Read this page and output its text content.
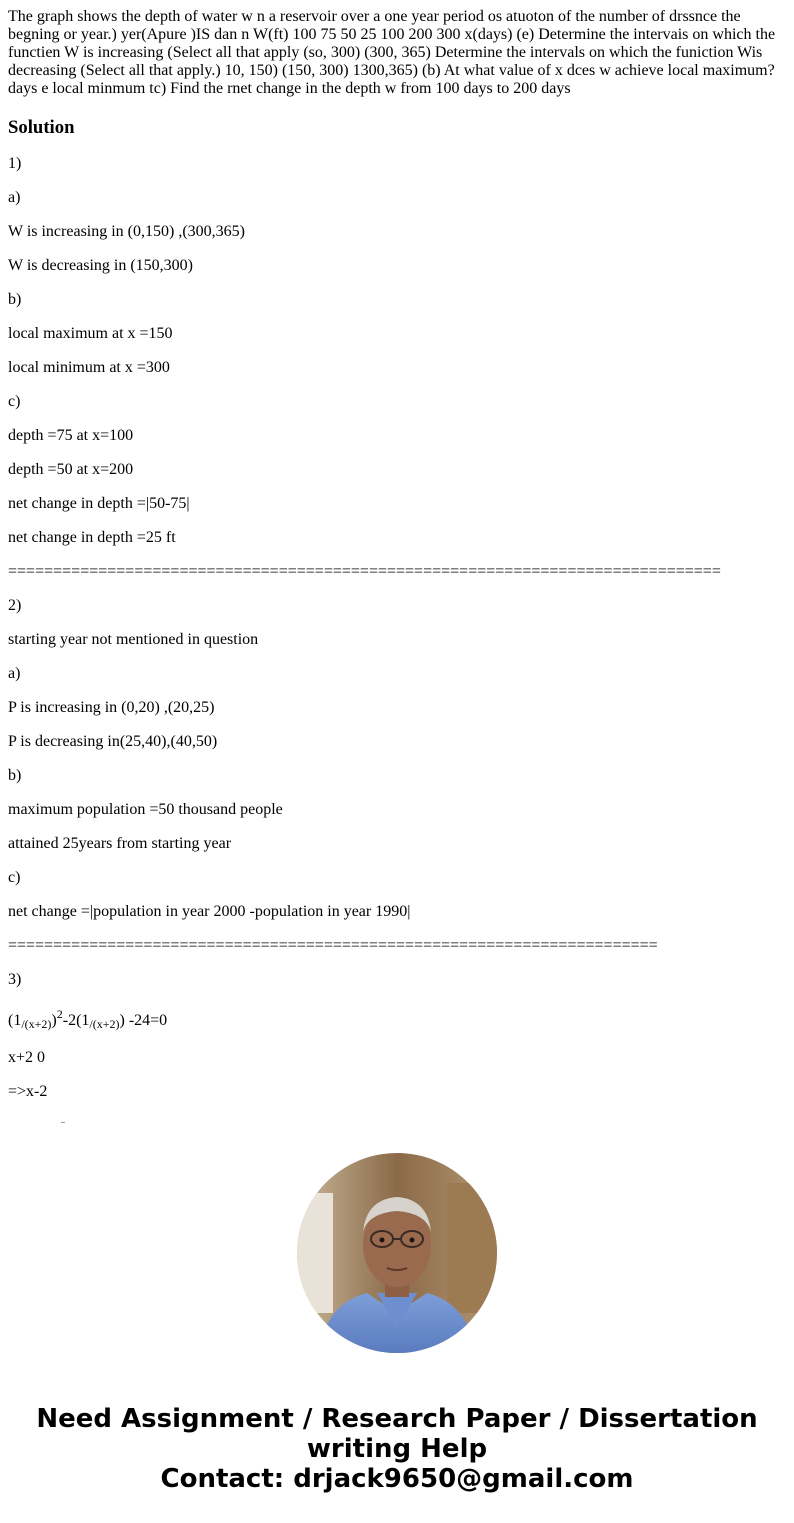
The graph shows the depth of water w n a reservoir over a one year period os atuoton of the number of drssnce the begning or year.) yer(Apure )IS dan n W(ft) 100 75 50 25 100 200 300 x(days) (e) Determine the intervais on which the functien W is increasing (Select all that apply (so, 300) (300, 365) Determine the intervals on which the funiction Wis decreasing (Select all that apply.) 10, 150) (150, 300) 1300,365) (b) At what value of x dces w achieve local maximum? days e local minmum tc) Find the rnet change in the depth w from 100 days to 200 days

Solution

1)

a)

W is increasing in (0,150) ,(300,365)

W is decreasing in (150,300)

b)

local maximum at x =150

local minimum at x =300

c)

depth =75 at x=100

depth =50 at x=200

net change in depth =|50-75|

net change in depth =25 ft

===============================================================================

2)

starting year not mentioned in question

a)

P is increasing in (0,20) ,(20,25)

P is decreasing in(25,40),(40,50)

b)

maximum population =50 thousand people

attained 25years from starting year

c)

net change =|population in year 2000 -population in year 1990|

========================================================================

3)

$(1_{/(x+2)})^2-2(1_{/(x+2)})$ -24=0

x+2 0

=>x-2

Need Assignment / Research Paper / Dissertation
writing Help
Contact: drjack9650@gmail.com
